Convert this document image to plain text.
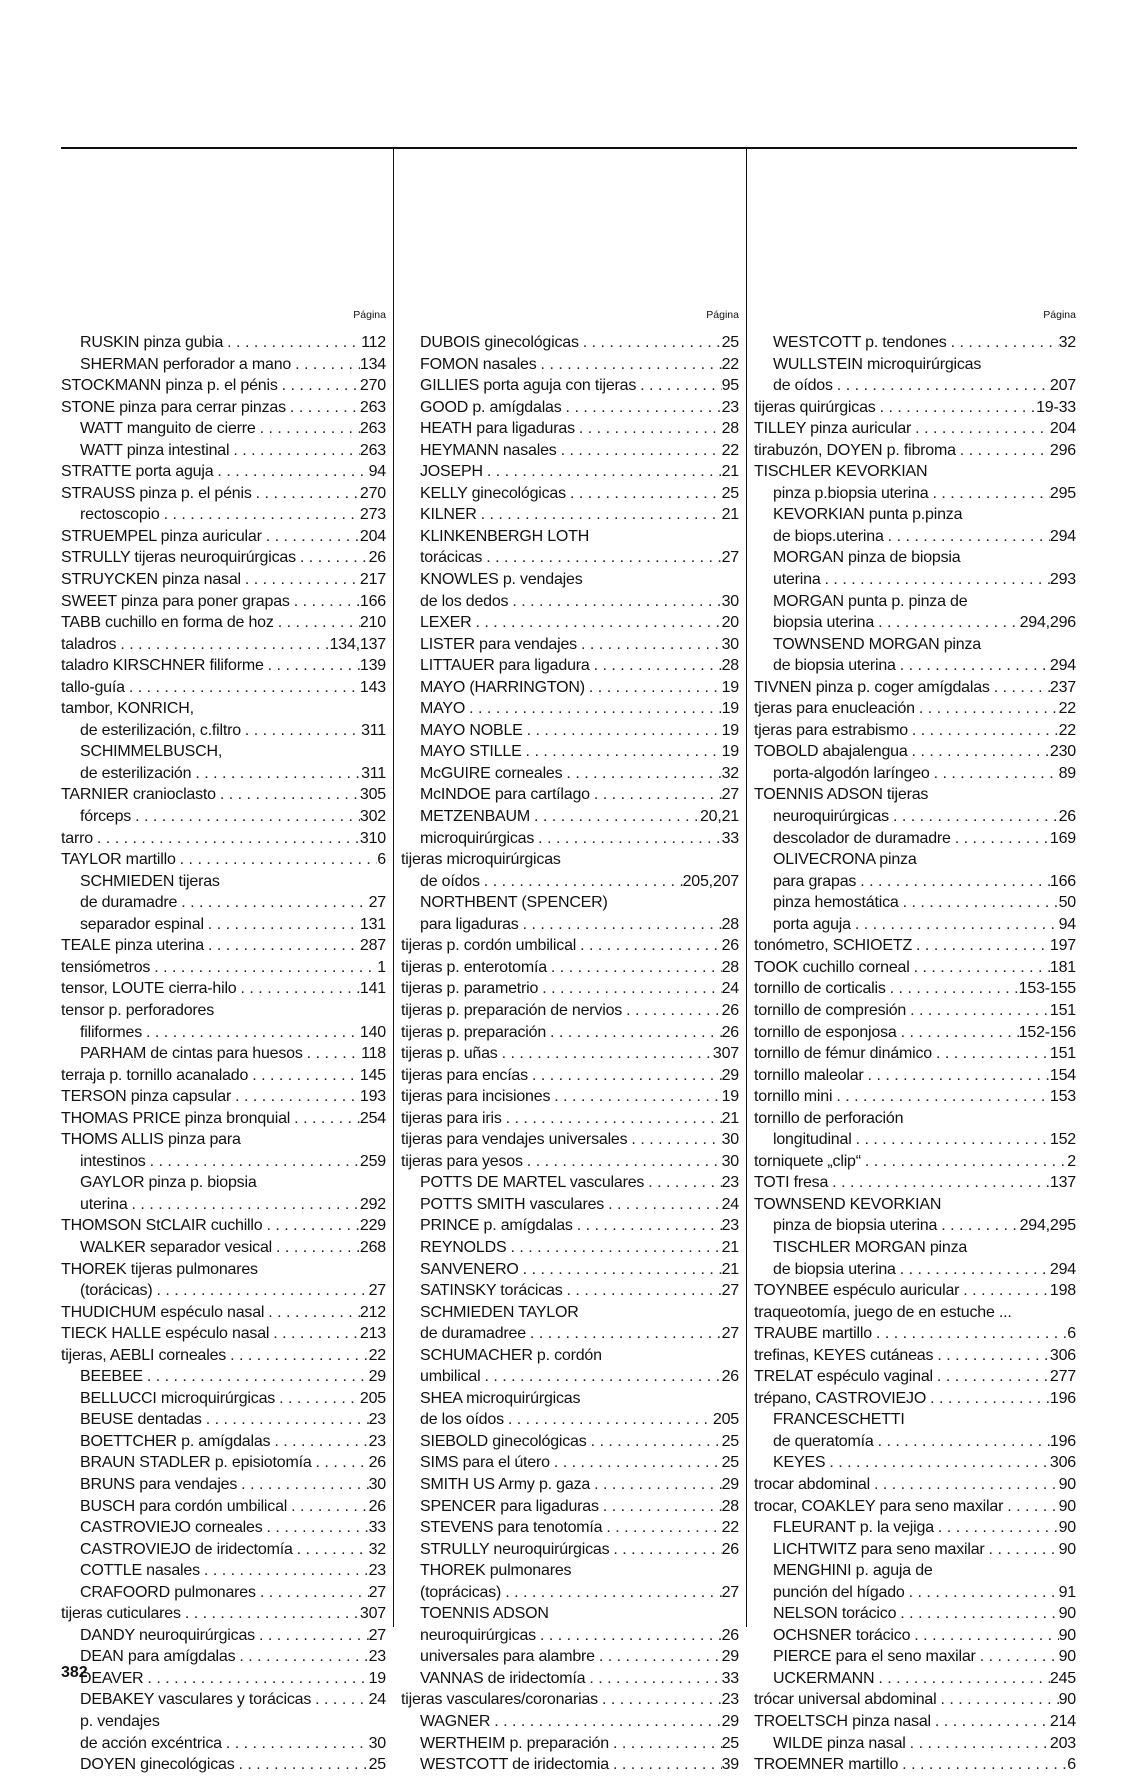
Página
RUSKIN pinza gubia . . .	112
SHERMAN perforador a mano . . .	134
STOCKMANN pinza p. el pénis . . .	270
STONE pinza para cerrar pinzas . . .	263
WATT manguito de cierre . . .	263
WATT pinza intestinal . . .	263
STRATTE porta aguja . . .	94
STRAUSS pinza p. el pénis . . .	270
rectoscopio . . .	273
STRUEMPEL pinza auricular . . .	204
STRULLY tijeras neuroquirúrgicas . . .	26
STRUYCKEN pinza nasal . . .	217
SWEET pinza para poner grapas . . .	166
TABB cuchillo en forma de hoz . . .	210
taladros . . .	134,137
taladro KIRSCHNER filiforme . . .	139
tallo-guía . . .	143
tambor, KONRICH,
de esterilización, c.filtro . . .	311
SCHIMMELBUSCH,
de esterilización . . .	311
TARNIER cranioclasto . . .	305
fórceps . . .	302
tarro . . .	310
TAYLOR martillo . . .	6
SCHMIEDEN tijeras
de duramadre . . .	27
separador espinal . . .	131
TEALE pinza uterina . . .	287
tensiómetros . . .	1
tensor, LOUTE cierra-hilo . . .	141
tensor p. perforadores
filiformes . . .	140
PARHAM de cintas para huesos . . .	118
terraja p. tornillo acanalado . . .	145
TERSON pinza capsular . . .	193
THOMAS PRICE pinza bronquial . . .	254
THOMS ALLIS pinza para
intestinos . . .	259
GAYLOR pinza p. biopsia
uterina . . .	292
THOMSON StCLAIR cuchillo . . .	229
WALKER separador vesical . . .	268
THOREK tijeras pulmonares
(torácicas) . . .	27
THUDICHUM espéculo nasal . . .	212
TIECK HALLE espéculo nasal . . .	213
tijeras, AEBLI corneales . . .	22
BEEBEE . . .	29
BELLUCCI microquirúrgicas . . .	205
BEUSE dentadas . . .	23
BOETTCHER p. amígdalas . . .	23
BRAUN STADLER p. episiotomía . . .	26
BRUNS para vendajes . . .	30
BUSCH para cordón umbilical . . .	26
CASTROVIEJO corneales . . .	33
CASTROVIEJO de iridectomía . . .	32
COTTLE nasales . . .	23
CRAFOORD pulmonares . . .	27
tijeras cuticulares . . .	307
DANDY neuroquirúrgicas . . .	27
DEAN para amígdalas . . .	23
DEAVER . . .	19
DEBAKEY vasculares y torácicas . . .	24
p. vendajes
de acción excéntrica . . .	30
DOYEN ginecológicas . . .	25
Página
DUBOIS ginecológicas . . .	25
FOMON nasales . . .	22
GILLIES porta aguja con tijeras . . .	95
GOOD p. amígdalas . . .	23
HEATH para ligaduras . . .	28
HEYMANN nasales . . .	22
JOSEPH . . .	21
KELLY ginecológicas . . .	25
KILNER . . .	21
KLINKENBERGH LOTH
torácicas . . .	27
KNOWLES p. vendajes
de los dedos . . .	30
LEXER . . .	20
LISTER para vendajes . . .	30
LITTAUER para ligadura . . .	28
MAYO (HARRINGTON) . . .	19
MAYO . . .	19
MAYO NOBLE . . .	19
MAYO STILLE . . .	19
McGUIRE corneales . . .	32
McINDOE para cartílago . . .	27
METZENBAUM . . .	20,21
microquirúrgicas . . .	33
tijeras microquirúrgicas
de oídos . . .	205,207
NORTHBENT (SPENCER)
para ligaduras . . .	28
tijeras p. cordón umbilical . . .	26
tijeras p. enterotomía . . .	28
tijeras p. parametrio . . .	24
tijeras p. preparación de nervios . . .	26
tijeras p. preparación . . .	26
tijeras p. uñas . . .	307
tijeras para encías . . .	29
tijeras para incisiones . . .	19
tijeras para iris . . .	21
tijeras para vendajes universales . . .	30
tijeras para yesos . . .	30
POTTS DE MARTEL vasculares . . .	23
POTTS SMITH vasculares . . .	24
PRINCE p. amígdalas . . .	23
REYNOLDS . . .	21
SANVENERO . . .	21
SATINSKY torácicas . . .	27
SCHMIEDEN TAYLOR
de duramadree . . .	27
SCHUMACHER p. cordón
umbilical . . .	26
SHEA microquirúrgicas
de los oídos . . .	205
SIEBOLD ginecológicas . . .	25
SIMS para el útero . . .	25
SMITH US Army p. gaza . . .	29
SPENCER para ligaduras . . .	28
STEVENS para tenotomía . . .	22
STRULLY neuroquirúrgicas . . .	26
THOREK pulmonares
(toprácicas) . . .	27
TOENNIS ADSON
neuroquirúrgicas . . .	26
universales para alambre . . .	29
VANNAS de iridectomía . . .	33
tijeras vasculares/coronarias . . .	23
WAGNER . . .	29
WERTHEIM p. preparación . . .	25
WESTCOTT de iridectomia . . .	39
Página
WESTCOTT p. tendones . . .	32
WULLSTEIN microquirúrgicas
de oídos . . .	207
tijeras quirúrgicas . . .	19-33
TILLEY pinza auricular . . .	204
tirabuzón, DOYEN p. fibroma . . .	296
TISCHLER KEVORKIAN
pinza p.biopsia uterina . . .	295
KEVORKIAN punta p.pinza
de biops.uterina . . .	294
MORGAN pinza de biopsia
uterina . . .	293
MORGAN punta p. pinza de
biopsia uterina . . .	294,296
TOWNSEND MORGAN pinza
de biopsia uterina . . .	294
TIVNEN pinza p. coger amígdalas . . .	237
tjeras para enucleación . . .	22
tjeras para estrabismo . . .	22
TOBOLD abajalengua . . .	230
porta-algodón laríngeo . . .	89
TOENNIS ADSON tijeras
neuroquirúrgicas . . .	26
descolador de duramadre . . .	169
OLIVECRONA pinza
para grapas . . .	166
pinza hemostática . . .	50
porta aguja . . .	94
tonómetro, SCHIOETZ . . .	197
TOOK cuchillo corneal . . .	181
tornillo de corticalis . . .	153-155
tornillo de compresión . . .	151
tornillo de esponjosa . . .	152-156
tornillo de fémur dinámico . . .	151
tornillo maleolar . . .	154
tornillo mini . . .	153
tornillo de perforación
longitudinal . . .	152
torniquete „clip“ . . .	2
TOTI fresa . . .	137
TOWNSEND KEVORKIAN
pinza de biopsia uterina . . .	294,295
TISCHLER MORGAN pinza
de biopsia uterina . . .	294
TOYNBEE espéculo auricular . . .	198
traqueotomía, juego de en estuche ...
TRAUBE martillo . . .	6
trefinas, KEYES cutáneas . . .	306
TRELAT espéculo vaginal . . .	277
trépano, CASTROVIEJO . . .	196
FRANCESCHETTI
de queratomía . . .	196
KEYES . . .	306
trocar abdominal . . .	90
trocar, COAKLEY para seno maxilar . . .	90
FLEURANT p. la vejiga . . .	90
LICHTWITZ para seno maxilar . . .	90
MENGHINI p. aguja de
punción del hígado . . .	91
NELSON torácico . . .	90
OCHSNER torácico . . .	90
PIERCE para el seno maxilar . . .	90
UCKERMANN . . .	245
trócar universal abdominal . . .	90
TROELTSCH pinza nasal . . .	214
WILDE pinza nasal . . .	203
TROEMNER martillo . . .	6
382
